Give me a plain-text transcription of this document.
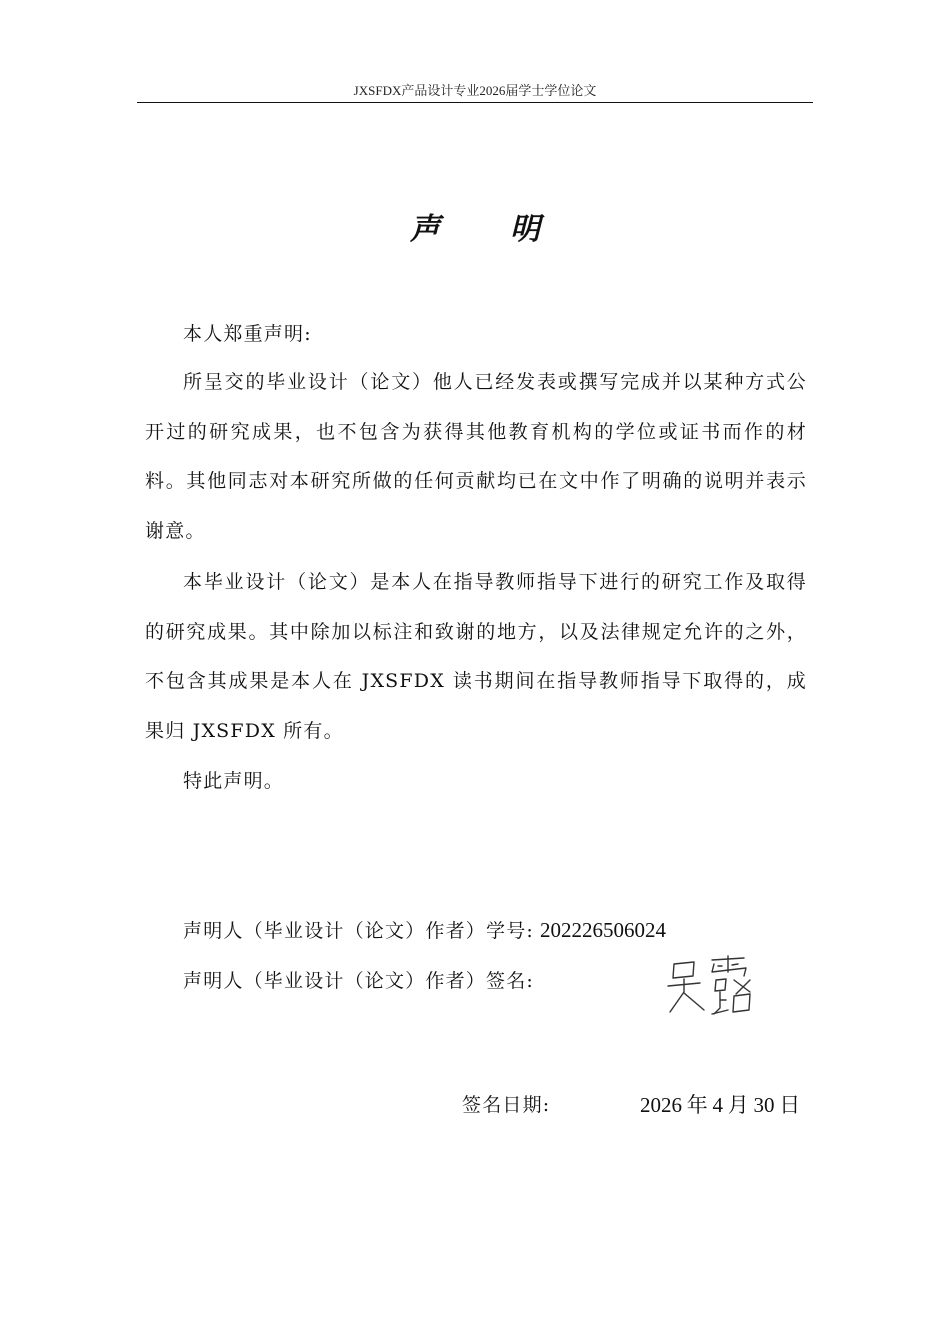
JXSFDX产品设计专业2026届学士学位论文
声明

本人郑重声明:

所呈交的毕业设计（论文）他人已经发表或撰写完成并以某种方式公开过的研究成果，也不包含为获得其他教育机构的学位或证书而作的材料。其他同志对本研究所做的任何贡献均已在文中作了明确的说明并表示谢意。

本毕业设计（论文）是本人在指导教师指导下进行的研究工作及取得的研究成果。其中除加以标注和致谢的地方，以及法律规定允许的之外，不包含其成果是本人在 JXSFDX 读书期间在指导教师指导下取得的，成　　果归 JXSFDX 所有。

特此声明。

声明人（毕业设计（论文）作者）学号: 202226506024
声明人（毕业设计（论文）作者）签名:
签名日期:	2026 年 4 月 30 日
